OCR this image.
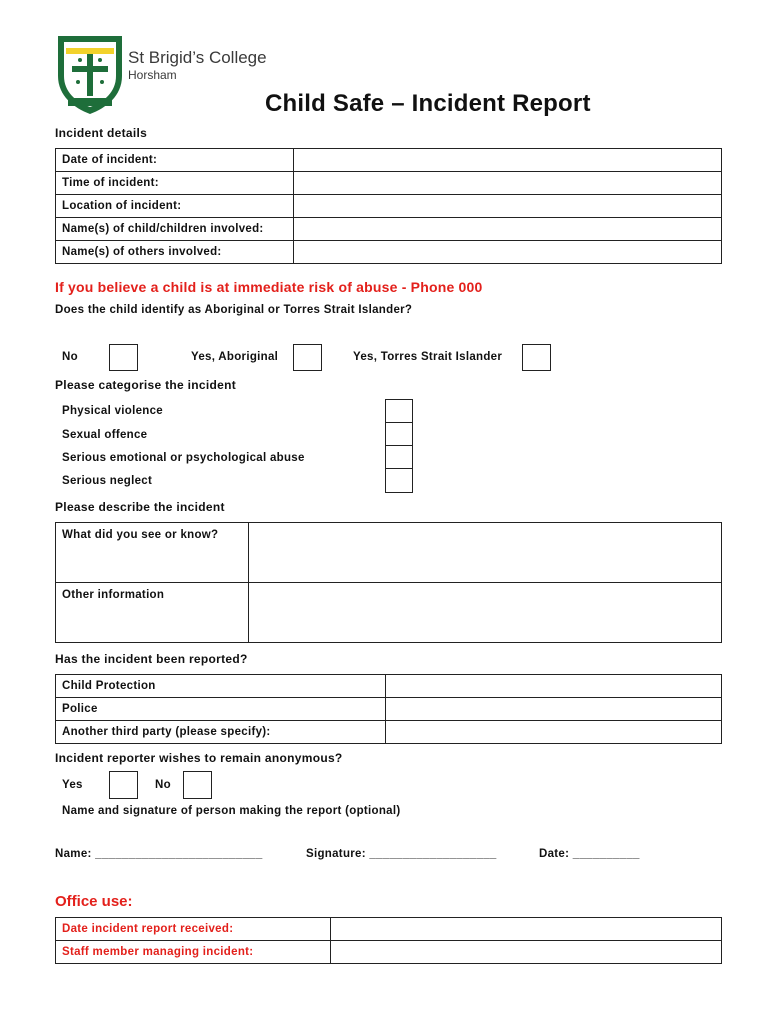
St Brigid’s College
Horsham
Child Safe – Incident Report
Incident details
Date of incident:	
Time of incident:	
Location of incident:	
Name(s) of child/children involved:	
Name(s) of others involved:	
If you believe a child is at immediate risk of abuse - Phone 000
Does the child identify as Aboriginal or Torres Strait Islander?
No	Yes, Aboriginal	Yes, Torres Strait Islander
Please categorise the incident
Physical violence
Sexual offence
Serious emotional or psychological abuse
Serious neglect
Please describe the incident
What did you see or know?	
Other information	
Has the incident been reported?
Child Protection	
Police	
Another third party (please specify):	
Incident reporter wishes to remain anonymous?
Yes	No
Name and signature of person making the report (optional)
Name: _________________________	Signature: ___________________	Date: __________
Office use:
Date incident report received:	
Staff member managing incident:	
